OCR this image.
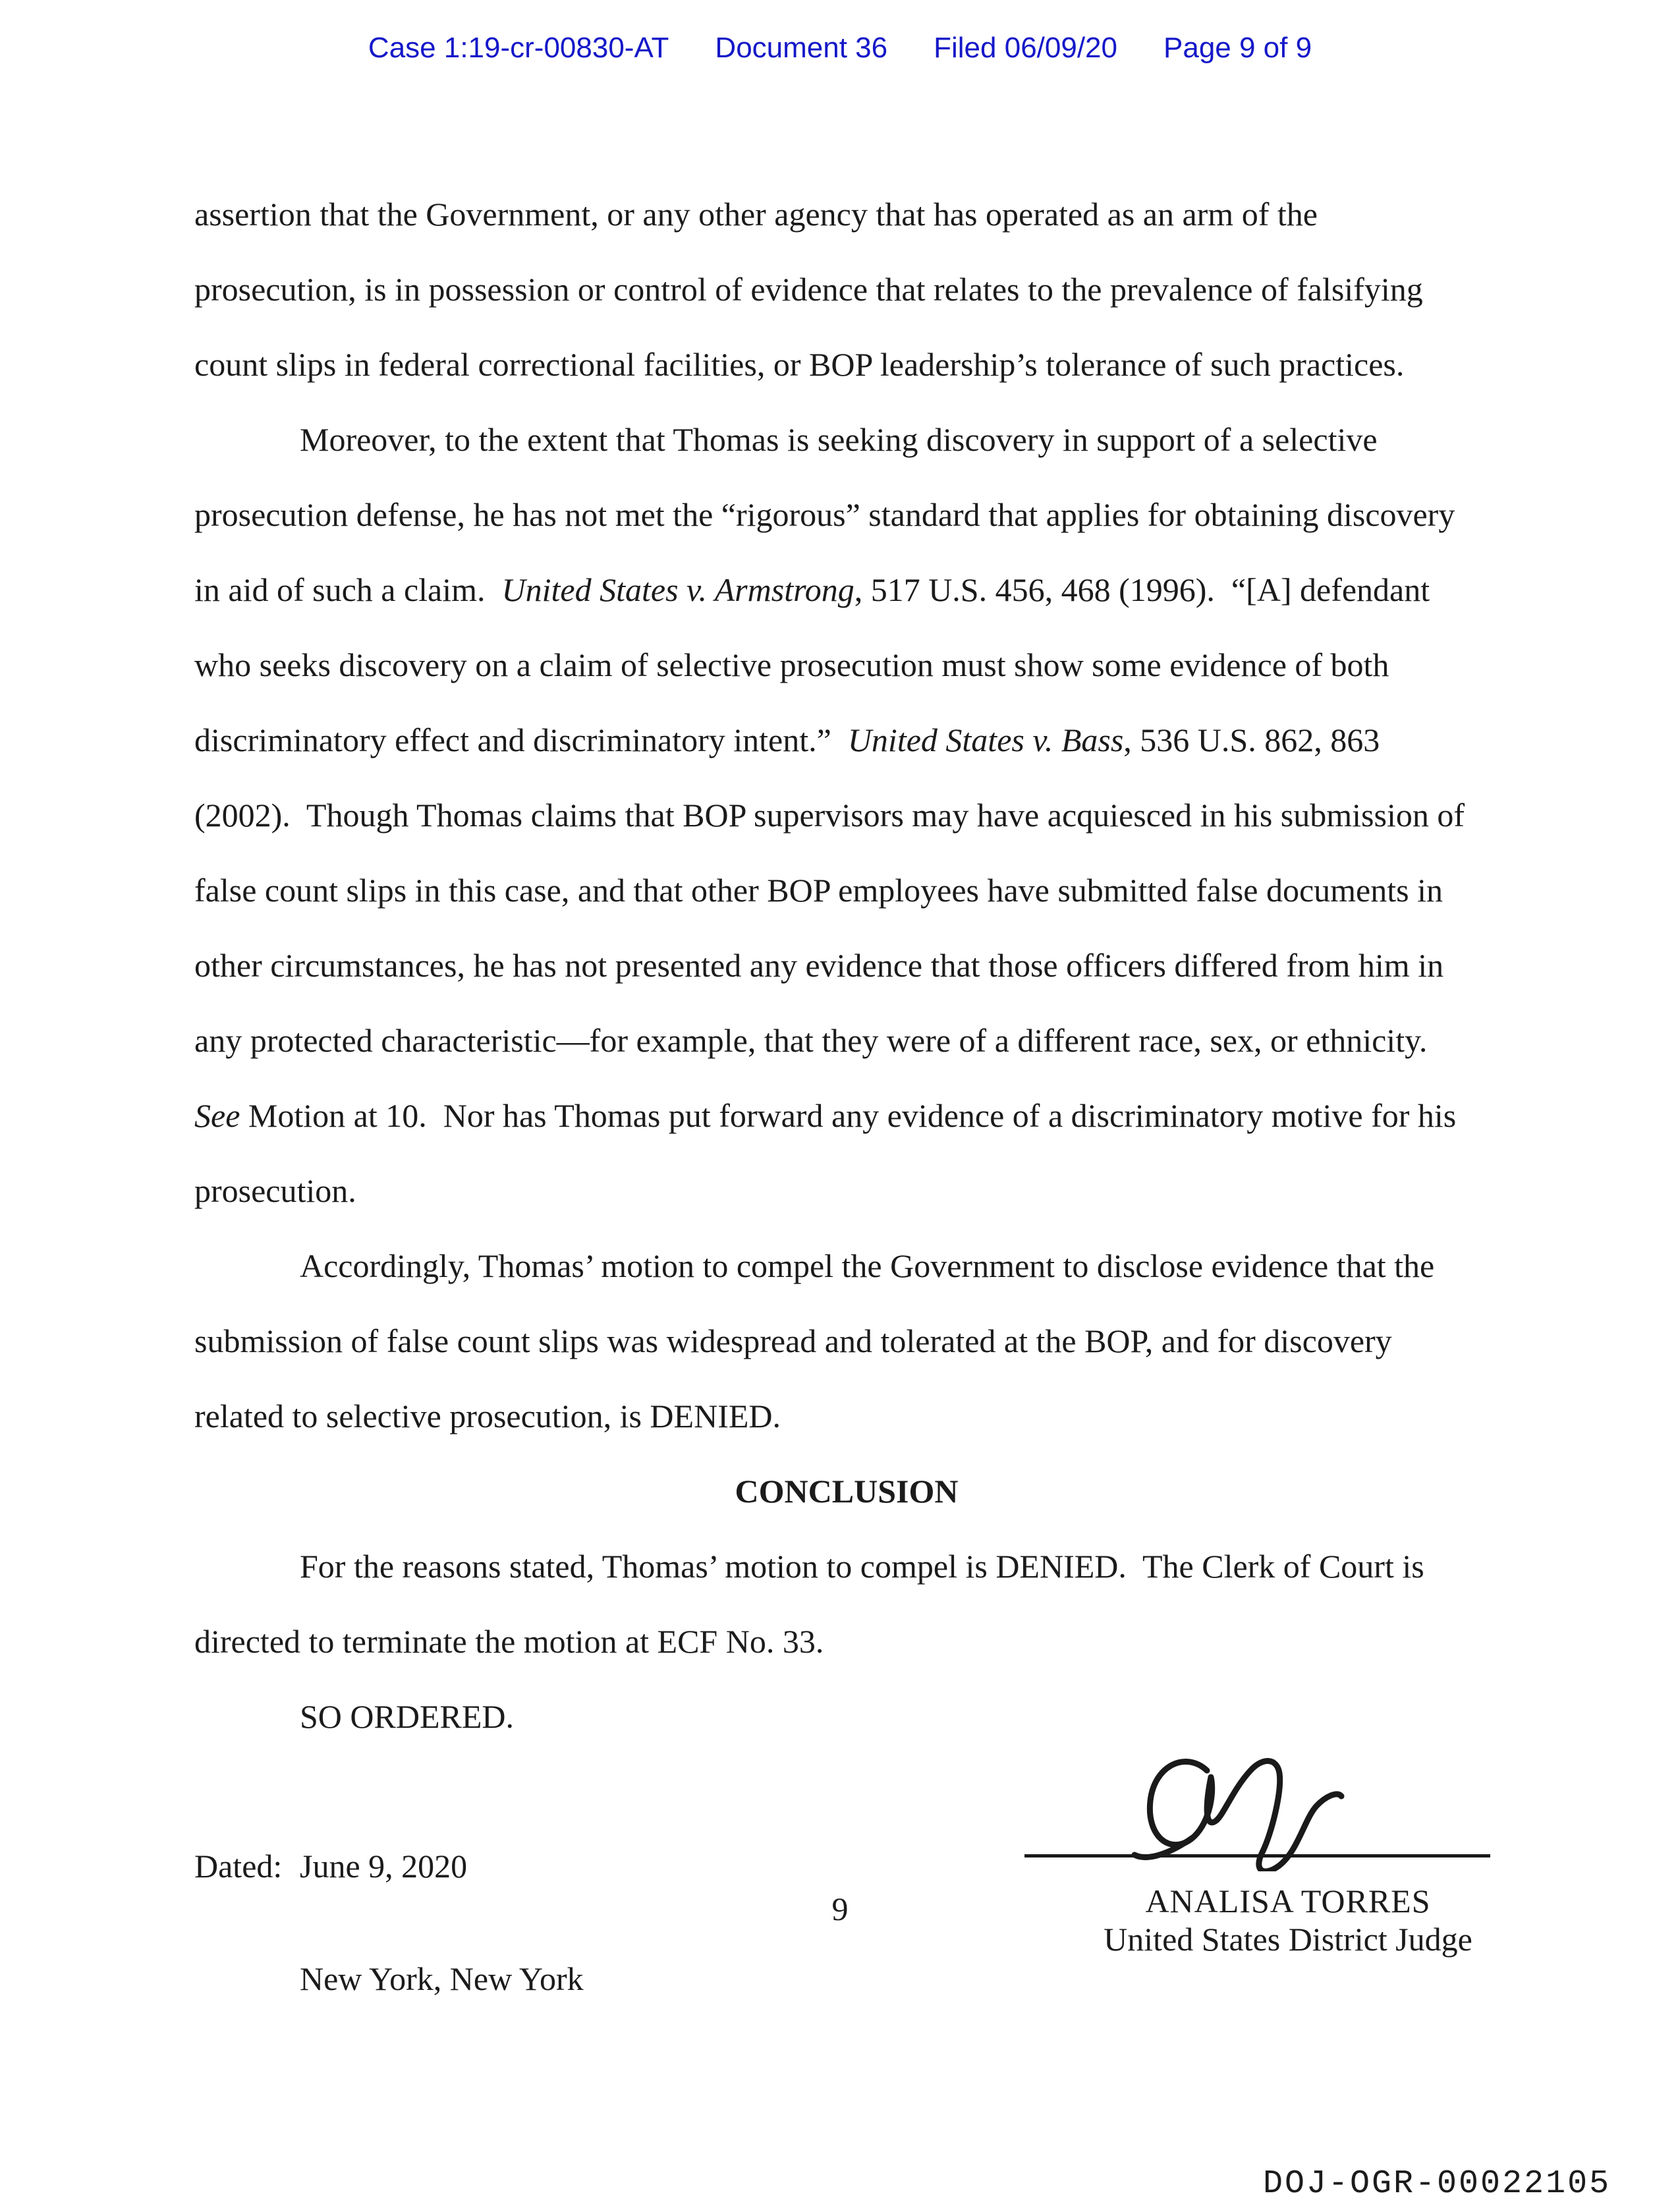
Case 1:19-cr-00830-AT Document 36 Filed 06/09/20 Page 9 of 9
assertion that the Government, or any other agency that has operated as an arm of the
prosecution, is in possession or control of evidence that relates to the prevalence of falsifying
count slips in federal correctional facilities, or BOP leadership’s tolerance of such practices.
Moreover, to the extent that Thomas is seeking discovery in support of a selective
prosecution defense, he has not met the “rigorous” standard that applies for obtaining discovery
in aid of such a claim.  United States v. Armstrong, 517 U.S. 456, 468 (1996).  “[A] defendant
who seeks discovery on a claim of selective prosecution must show some evidence of both
discriminatory effect and discriminatory intent.”  United States v. Bass, 536 U.S. 862, 863
(2002).  Though Thomas claims that BOP supervisors may have acquiesced in his submission of
false count slips in this case, and that other BOP employees have submitted false documents in
other circumstances, he has not presented any evidence that those officers differed from him in
any protected characteristic—for example, that they were of a different race, sex, or ethnicity.
See Motion at 10.  Nor has Thomas put forward any evidence of a discriminatory motive for his
prosecution.
Accordingly, Thomas’ motion to compel the Government to disclose evidence that the
submission of false count slips was widespread and tolerated at the BOP, and for discovery
related to selective prosecution, is DENIED.
CONCLUSION
For the reasons stated, Thomas’ motion to compel is DENIED.  The Clerk of Court is
directed to terminate the motion at ECF No. 33.
SO ORDERED.

Dated: June 9, 2020

New York, New York

ANALISA TORRES
United States District Judge
9
DOJ-OGR-00022105
